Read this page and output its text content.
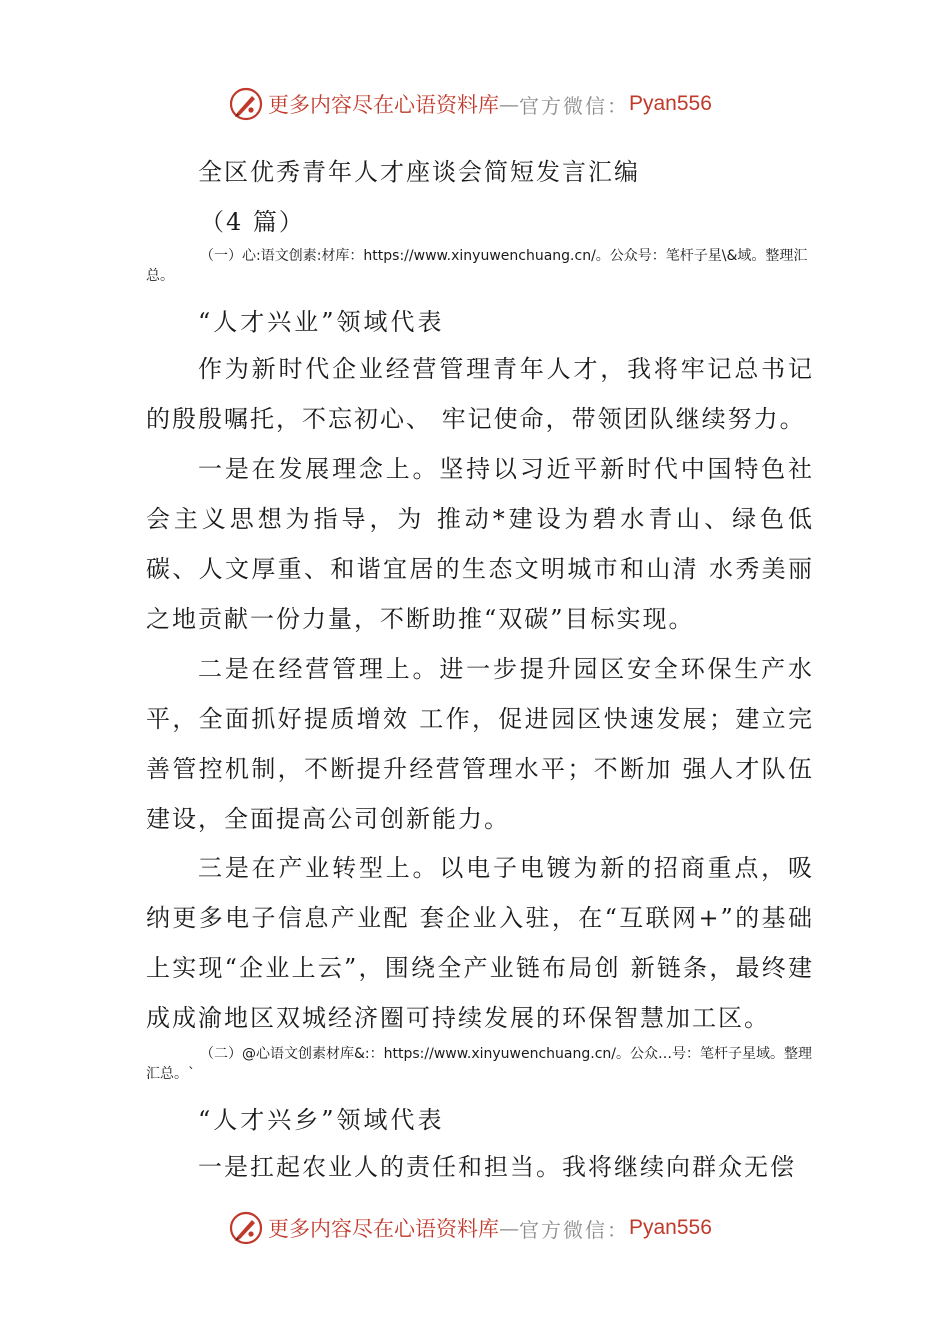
更多内容尽在心语资料库 — 官方微信： Pyan556
全区优秀青年人才座谈会简短发言汇编
（4 篇）
（一）心:语文创素:材库：https://www.xinyuwenchuang.cn/。公众号：笔杆子星\&域。整理汇总。
“人才兴业”领域代表
作为新时代企业经营管理青年人才，我将牢记总书记的殷殷嘱托，不忘初心、 牢记使命，带领团队继续努力。
一是在发展理念上。坚持以习近平新时代中国特色社会主义思想为指导，为 推动*建设为碧水青山、绿色低碳、人文厚重、和谐宜居的生态文明城市和山清 水秀美丽之地贡献一份力量，不断助推“双碳”目标实现。
二是在经营管理上。进一步提升园区安全环保生产水平，全面抓好提质增效 工作，促进园区快速发展；建立完善管控机制，不断提升经营管理水平；不断加 强人才队伍建设，全面提高公司创新能力。
三是在产业转型上。以电子电镀为新的招商重点，吸纳更多电子信息产业配 套企业入驻，在“互联网+”的基础上实现“企业上云”，围绕全产业链布局创 新链条，最终建成成渝地区双城经济圈可持续发展的环保智慧加工区。
（二）@心语文创素材库&:：https://www.xinyuwenchuang.cn/。公众…号：笔杆子星域。整理汇总。`
“人才兴乡”领域代表
一是扛起农业人的责任和担当。我将继续向群众无偿
更多内容尽在心语资料库 — 官方微信： Pyan556
